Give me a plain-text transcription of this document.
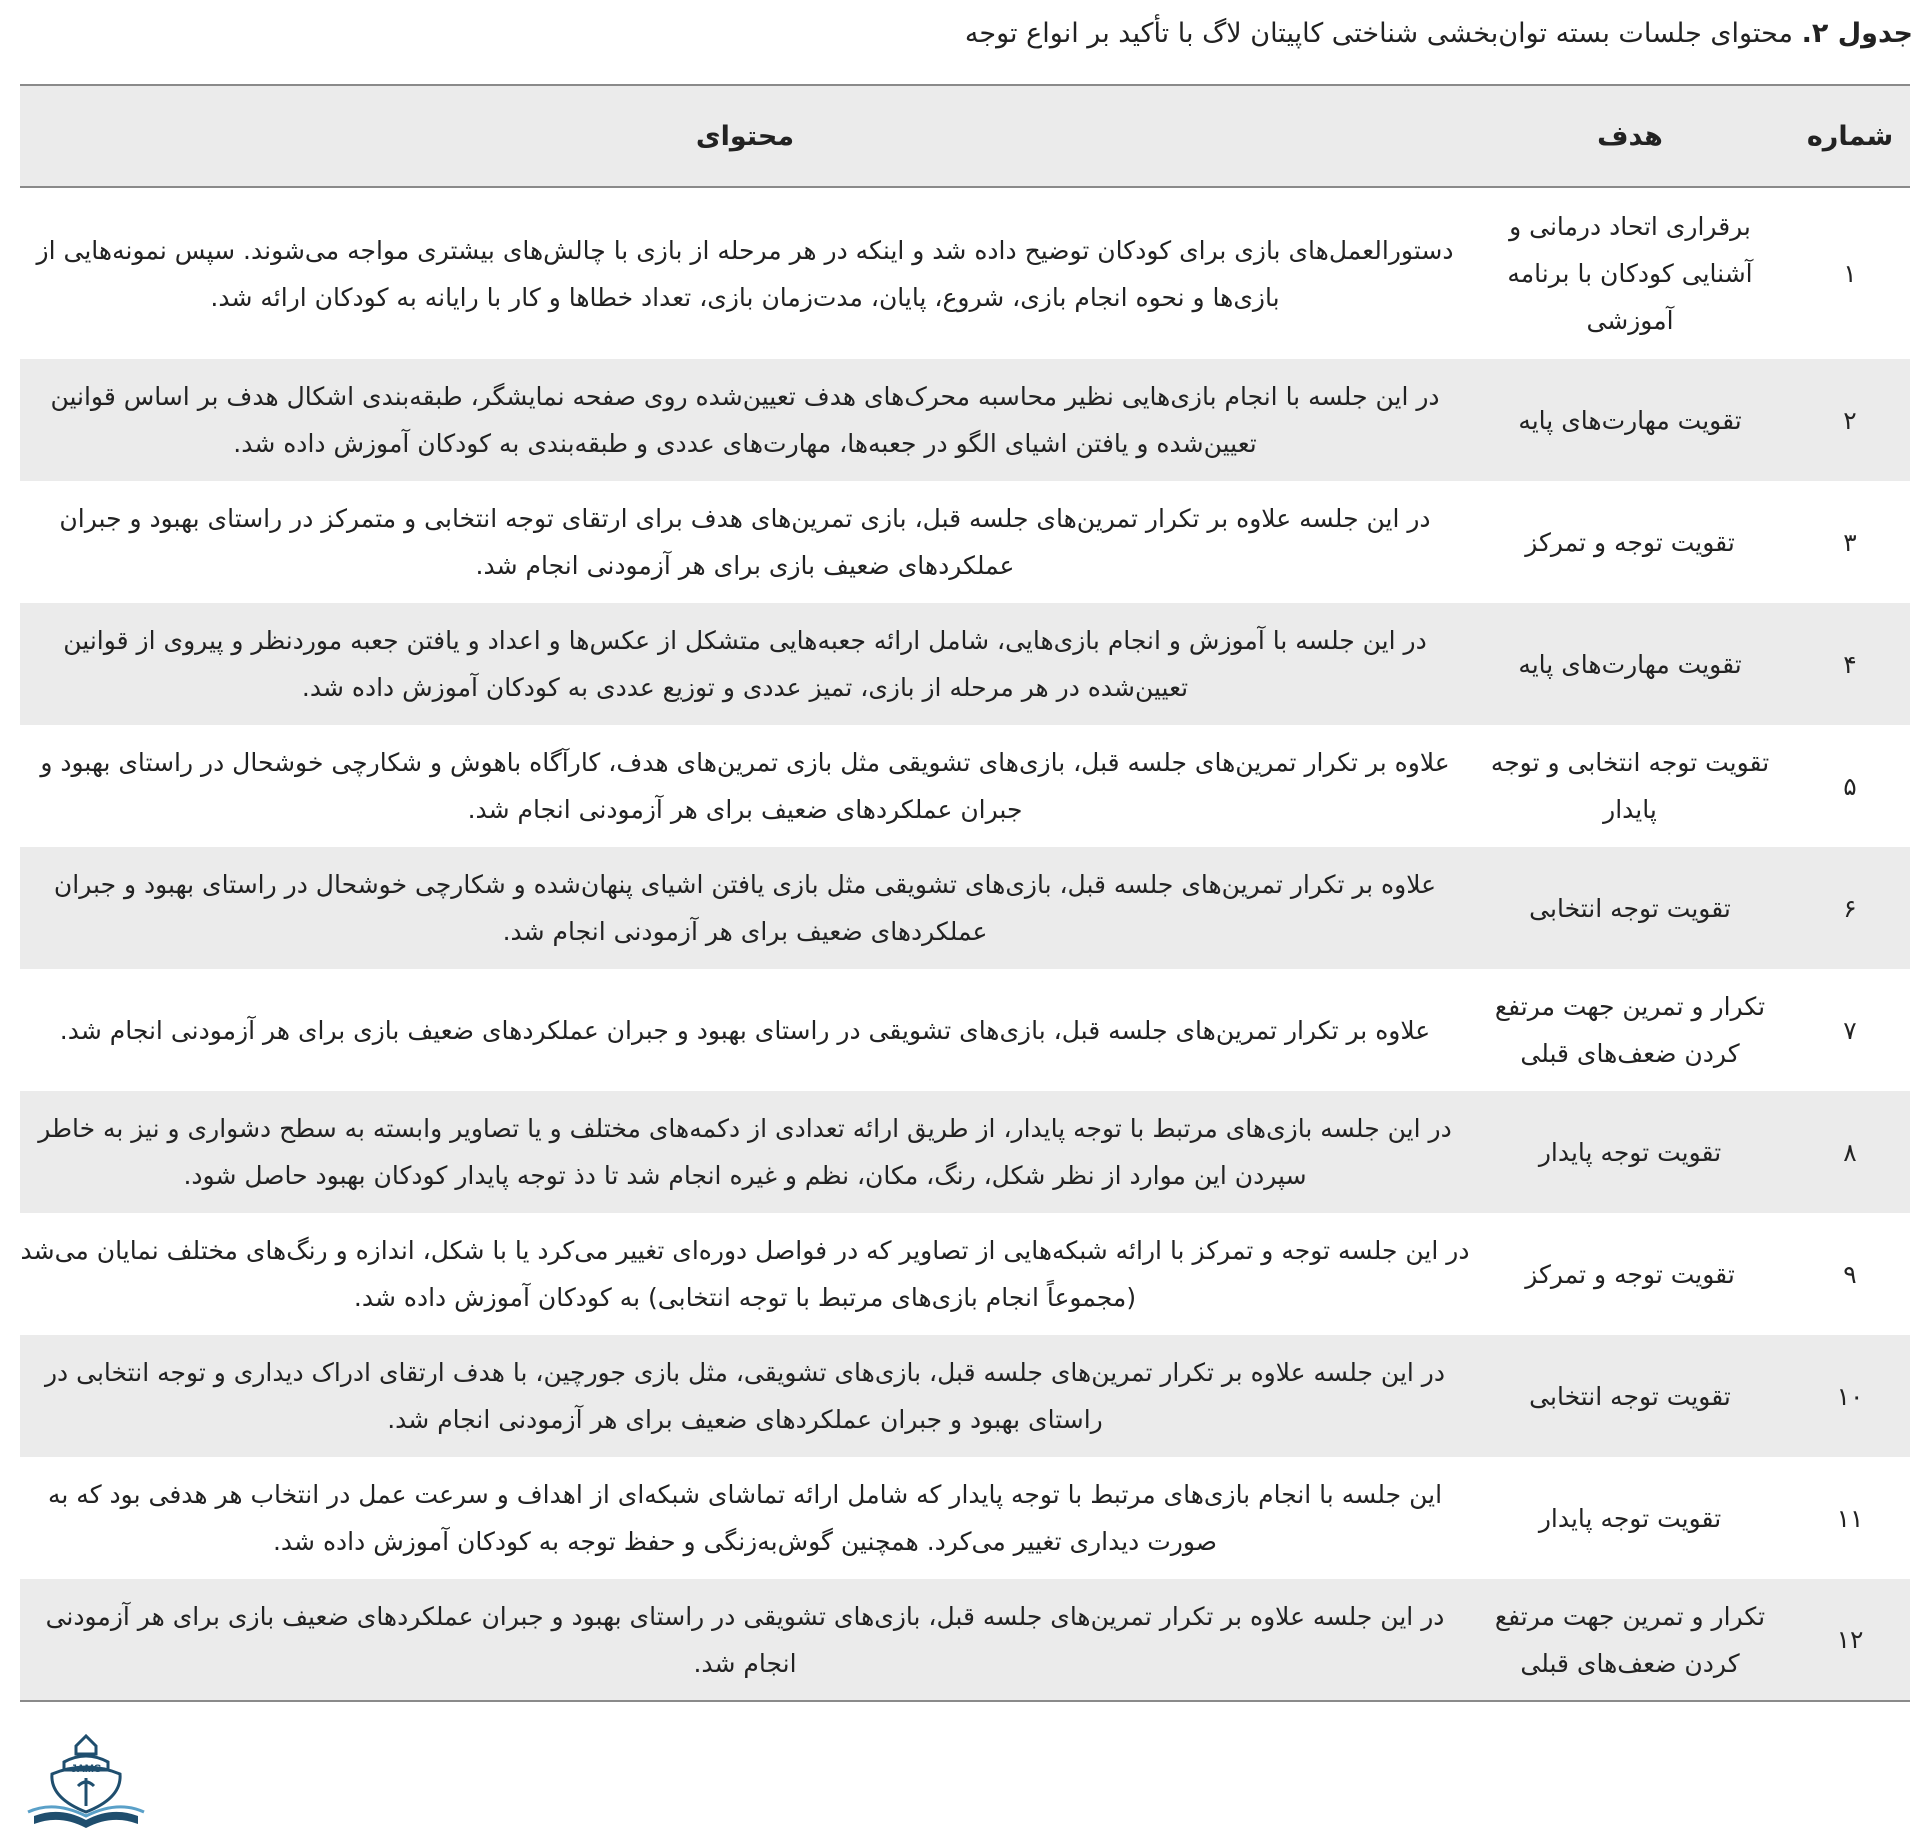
جدول ۲. محتوای جلسات بسته توان‌بخشی شناختی کاپیتان لاگ با تأکید بر انواع توجه
شماره	هدف	محتوای
۱	برقراری اتحاد درمانی و آشنایی کودکان با برنامه آموزشی	دستورالعمل‌های بازی برای کودکان توضیح داده شد و اینکه در هر مرحله از بازی با چالش‌های بیشتری مواجه می‌شوند. سپس نمونه‌هایی از بازی‌ها و نحوه انجام بازی، شروع، پایان، مدت‌زمان بازی، تعداد خطاها و کار با رایانه به کودکان ارائه شد.
۲	تقویت مهارت‌های پایه	در این جلسه با انجام بازی‌هایی نظیر محاسبه محرک‌های هدف تعیین‌شده روی صفحه نمایشگر، طبقه‌بندی اشکال هدف بر اساس قوانین تعیین‌شده و یافتن اشیای الگو در جعبه‌ها، مهارت‌های عددی و طبقه‌بندی به کودکان آموزش داده شد.
۳	تقویت توجه و تمرکز	در این جلسه علاوه بر تکرار تمرین‌های جلسه قبل، بازی تمرین‌های هدف برای ارتقای توجه انتخابی و متمرکز در راستای بهبود و جبران عملکردهای ضعیف بازی برای هر آزمودنی انجام شد.
۴	تقویت مهارت‌های پایه	در این جلسه با آموزش و انجام بازی‌هایی، شامل ارائه جعبه‌هایی متشکل از عکس‌ها و اعداد و یافتن جعبه موردنظر و پیروی از قوانین تعیین‌شده در هر مرحله از بازی، تمیز عددی و توزیع عددی به کودکان آموزش داده شد.
۵	تقویت توجه انتخابی و توجه پایدار	علاوه بر تکرار تمرین‌های جلسه قبل، بازی‌های تشویقی مثل بازی تمرین‌های هدف، کارآگاه باهوش و شکارچی خوشحال در راستای بهبود و جبران عملکردهای ضعیف برای هر آزمودنی انجام شد.
۶	تقویت توجه انتخابی	علاوه بر تکرار تمرین‌های جلسه قبل، بازی‌های تشویقی مثل بازی یافتن اشیای پنهان‌شده و شکارچی خوشحال در راستای بهبود و جبران عملکردهای ضعیف برای هر آزمودنی انجام شد.
۷	تکرار و تمرین جهت مرتفع کردن ضعف‌های قبلی	علاوه بر تکرار تمرین‌های جلسه قبل، بازی‌های تشویقی در راستای بهبود و جبران عملکردهای ضعیف بازی برای هر آزمودنی انجام شد.
۸	تقویت توجه پایدار	در این جلسه بازی‌های مرتبط با توجه پایدار، از طریق ارائه تعدادی از دکمه‌های مختلف و یا تصاویر وابسته به سطح دشواری و نیز به خاطر سپردن این موارد از نظر شکل، رنگ، مکان، نظم و غیره انجام شد تا دذ توجه پایدار کودکان بهبود حاصل شود.
۹	تقویت توجه و تمرکز	در این جلسه توجه و تمرکز با ارائه شبکه‌هایی از تصاویر که در فواصل دوره‌ای تغییر می‌کرد یا با شکل، اندازه و رنگ‌های مختلف نمایان می‌شد (مجموعاً انجام بازی‌های مرتبط با توجه انتخابی) به کودکان آموزش داده شد.
۱۰	تقویت توجه انتخابی	در این جلسه علاوه بر تکرار تمرین‌های جلسه قبل، بازی‌های تشویقی، مثل بازی جورچین، با هدف ارتقای ادراک دیداری و توجه انتخابی در راستای بهبود و جبران عملکردهای ضعیف برای هر آزمودنی انجام شد.
۱۱	تقویت توجه پایدار	این جلسه با انجام بازی‌های مرتبط با توجه پایدار که شامل ارائه تماشای شبکه‌ای از اهداف و سرعت عمل در انتخاب هر هدفی بود که به صورت دیداری تغییر می‌کرد. همچنین گوش‌به‌زنگی و حفظ توجه به کودکان آموزش داده شد.
۱۲	تکرار و تمرین جهت مرتفع کردن ضعف‌های قبلی	در این جلسه علاوه بر تکرار تمرین‌های جلسه قبل، بازی‌های تشویقی در راستای بهبود و جبران عملکردهای ضعیف بازی برای هر آزمودنی انجام شد.
JAMS
